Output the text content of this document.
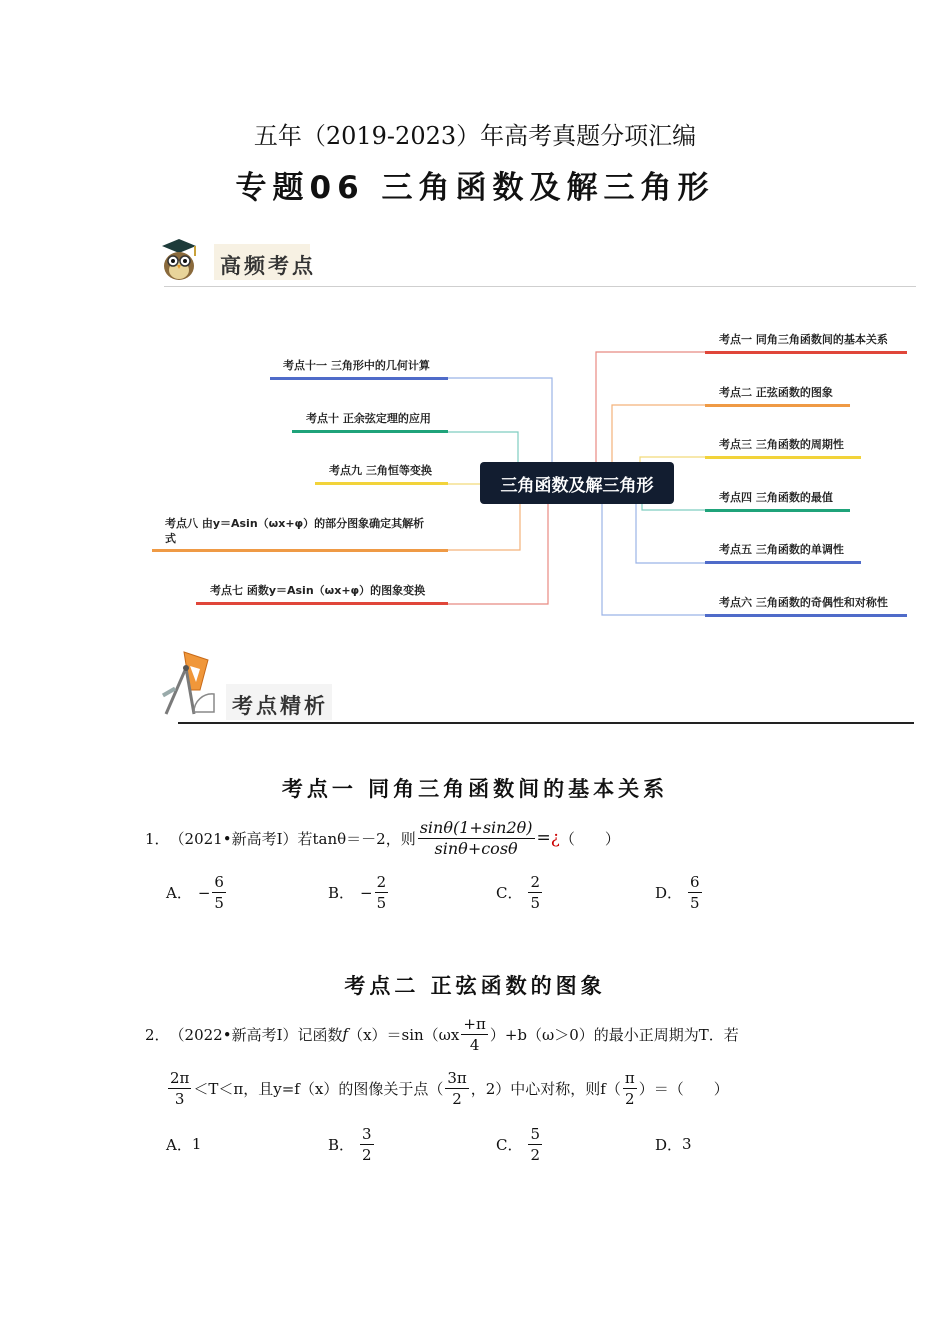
五年（2019-2023）年高考真题分项汇编
专题06 三角函数及解三角形
高频考点
考点十一 三角形中的几何计算
考点十 正余弦定理的应用
考点九 三角恒等变换
考点八 由y＝Asin（ωx+φ）的部分图象确定其解析
式
考点七 函数y＝Asin（ωx+φ）的图象变换
三角函数及解三角形
考点一 同角三角函数间的基本关系
考点二 正弦函数的图象
考点三 三角函数的周期性
考点四 三角函数的最值
考点五 三角函数的单调性
考点六 三角函数的奇偶性和对称性
考点精析
考点一 同角三角函数间的基本关系
1． （2021•新高考Ⅰ）若 tanθ＝－2，则 $\frac{\sin\theta(1+\sin 2\theta)}{\sin\theta+\cos\theta}$ = ¿ （　　）
A． − $\frac{6}{5}$	B． − $\frac{2}{5}$	C． $\frac{2}{5}$	D． $\frac{6}{5}$
考点二 正弦函数的图象
2． （2022•新高考Ⅰ）记函数 f $(x) =\sin(\omega x \frac{+\pi}{4} )+b(\omega>0)$的最小正周期为T．若
$\frac{2\pi}{3} <T<\pi$，且y=f（x）的图像关于点（ $\frac{3\pi}{2}$ ，2）中心对称，则$f( \frac{\pi}{2}$ ）＝（　　）
A． 1	B． $\frac{3}{2}$	C． $\frac{5}{2}$	D． 3
